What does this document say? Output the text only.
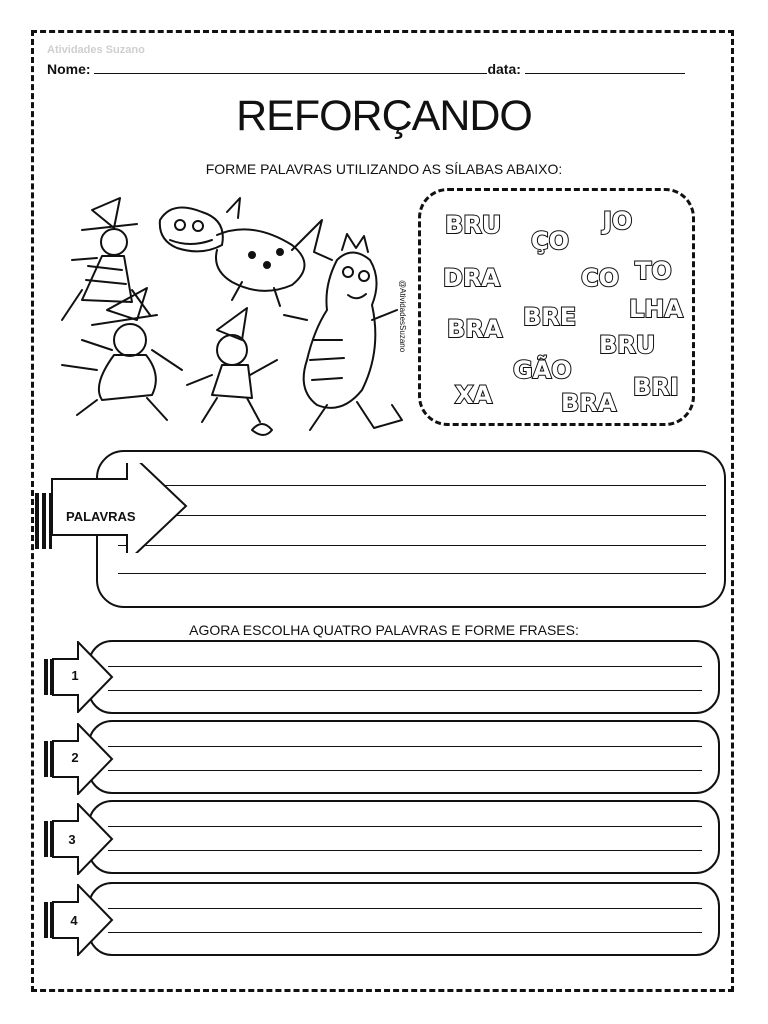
Atividades Suzano
Nome:	data:
REFORÇANDO
FORME PALAVRAS UTILIZANDO AS SÍLABAS ABAIXO:
@AtividadesSuzano
BRU
ÇO
JO
DRA	CO TO
LHA
BRA BRE
BRU
GÃO
BRI
XA	BRA
PALAVRAS
AGORA ESCOLHA QUATRO PALAVRAS E FORME FRASES:
1
2
3
4
